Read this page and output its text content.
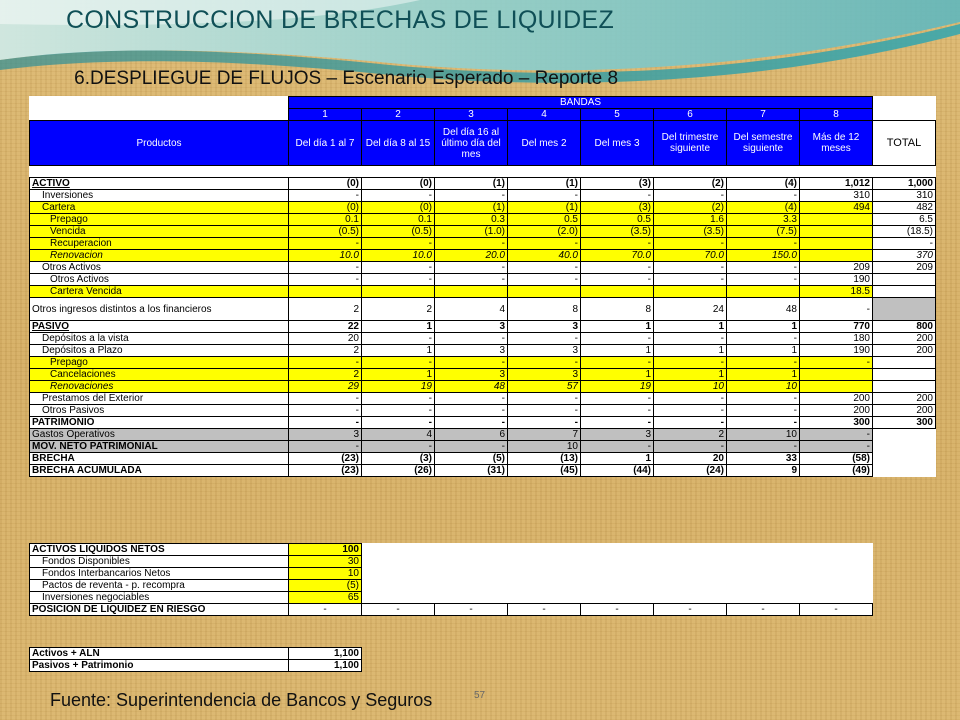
CONSTRUCCION DE BRECHAS DE LIQUIDEZ

6.DESPLIEGUE DE FLUJOS – Escenario Esperado – Reporte 8

	BANDAS								
	1	2	3	4	5	6	7	8	
Productos	Del día 1 al 7	Del día 8 al 15	Del día 16 al último día del mes	Del mes 2	Del mes 3	Del trimestre siguiente	Del semestre siguiente	Más de 12 meses	TOTAL

ACTIVO	(0)	(0)	(1)	(1)	(3)	(2)	(4)	1,012	1,000
Inversiones	-	-	-	-	-	-	-	310	310
Cartera	(0)	(0)	(1)	(1)	(3)	(2)	(4)	494	482
Prepago	0.1	0.1	0.3	0.5	0.5	1.6	3.3		6.5
Vencida	(0.5)	(0.5)	(1.0)	(2.0)	(3.5)	(3.5)	(7.5)		(18.5)
Recuperacion	-	-	-	-	-	-	-		-
Renovacion	10.0	10.0	20.0	40.0	70.0	70.0	150.0		370
Otros Activos	-	-	-	-	-	-	-	209	209
Otros Activos	-	-	-	-	-	-	-	190	
Cartera Vencida								18.5	
Otros ingresos distintos a los financieros	2	2	4	8	8	24	48	-	
PASIVO	22	1	3	3	1	1	1	770	800
Depósitos a la vista	20	-	-	-	-	-	-	180	200
Depósitos a Plazo	2	1	3	3	1	1	1	190	200
Prepago	-	-	-	-	-	-	-	-	
Cancelaciones	2	1	3	3	1	1	1		
Renovaciones	29	19	48	57	19	10	10		
Prestamos del Exterior	-	-	-	-	-	-	-	200	200
Otros Pasivos	-	-	-	-	-	-	-	200	200
PATRIMONIO	-	-	-	-	-	-	-	300	300
Gastos Operativos	3	4	6	7	3	2	10	-	
MOV. NETO PATRIMONIAL	-	-	-	10	-	-	-	-	
BRECHA	(23)	(3)	(5)	(13)	1	20	33	(58)	
BRECHA ACUMULADA	(23)	(26)	(31)	(45)	(44)	(24)	9	(49)	
ACTIVOS LIQUIDOS NETOS	100							
Fondos Disponibles	30							
Fondos Interbancarios Netos	10							
Pactos de reventa - p. recompra	(5)							
Inversiones negociables	65							
POSICION DE LIQUIDEZ EN RIESGO	-	-	-	-	-	-	-	-
Activos + ALN	1,100
Pasivos + Patrimonio	1,100

Fuente: Superintendencia de Bancos y Seguros	57
